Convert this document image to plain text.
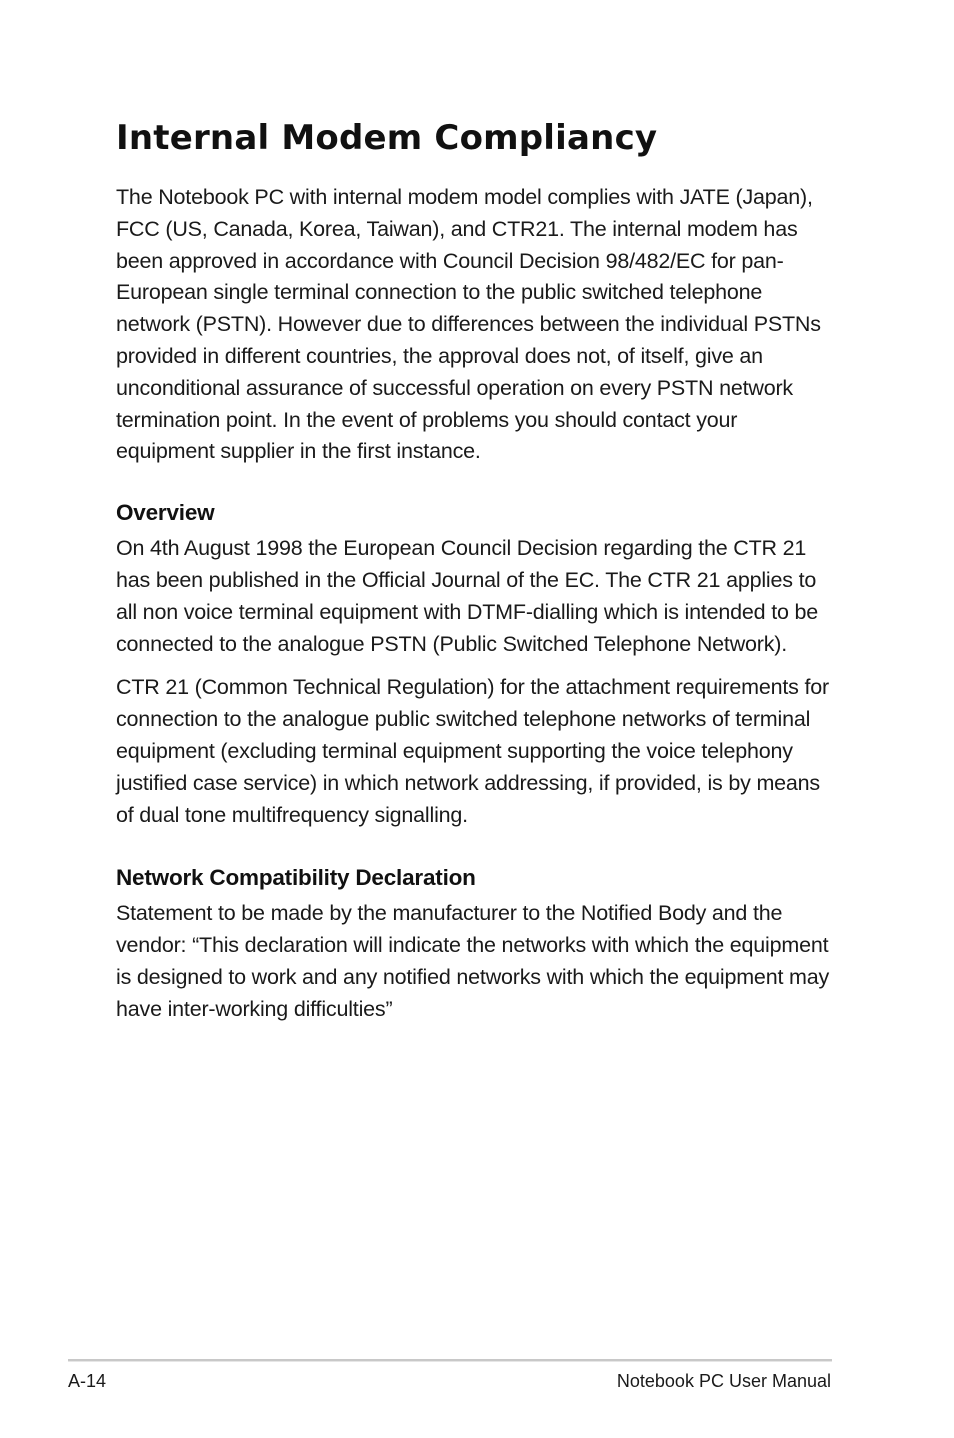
Internal Modem Compliancy

The Notebook PC with internal modem model complies with JATE (Japan), FCC (US, Canada, Korea, Taiwan), and CTR21. The internal modem has been approved in accordance with Council Decision 98/482/EC for pan-European single terminal connection to the public switched telephone network (PSTN). However due to differences between the individual PSTNs provided in different countries, the approval does not, of itself, give an unconditional assurance of successful operation on every PSTN network termination point. In the event of problems you should contact your equipment supplier in the first instance.

Overview

On 4th August 1998 the European Council Decision regarding the CTR 21 has been published in the Official Journal of the EC. The CTR 21 applies to all non voice terminal equipment with DTMF-dialling which is intended to be connected to the analogue PSTN (Public Switched Telephone Network).

CTR 21 (Common Technical Regulation) for the attachment requirements for connection to the analogue public switched telephone networks of terminal equipment (excluding terminal equipment supporting the voice telephony justified case service) in which network addressing, if provided, is by means of dual tone multifrequency signalling.

Network Compatibility Declaration

Statement to be made by the manufacturer to the Notified Body and the vendor: “This declaration will indicate the networks with which the equipment is designed to work and any notified networks with which the equipment may have inter-working difficulties”

A-14	Notebook PC User Manual
